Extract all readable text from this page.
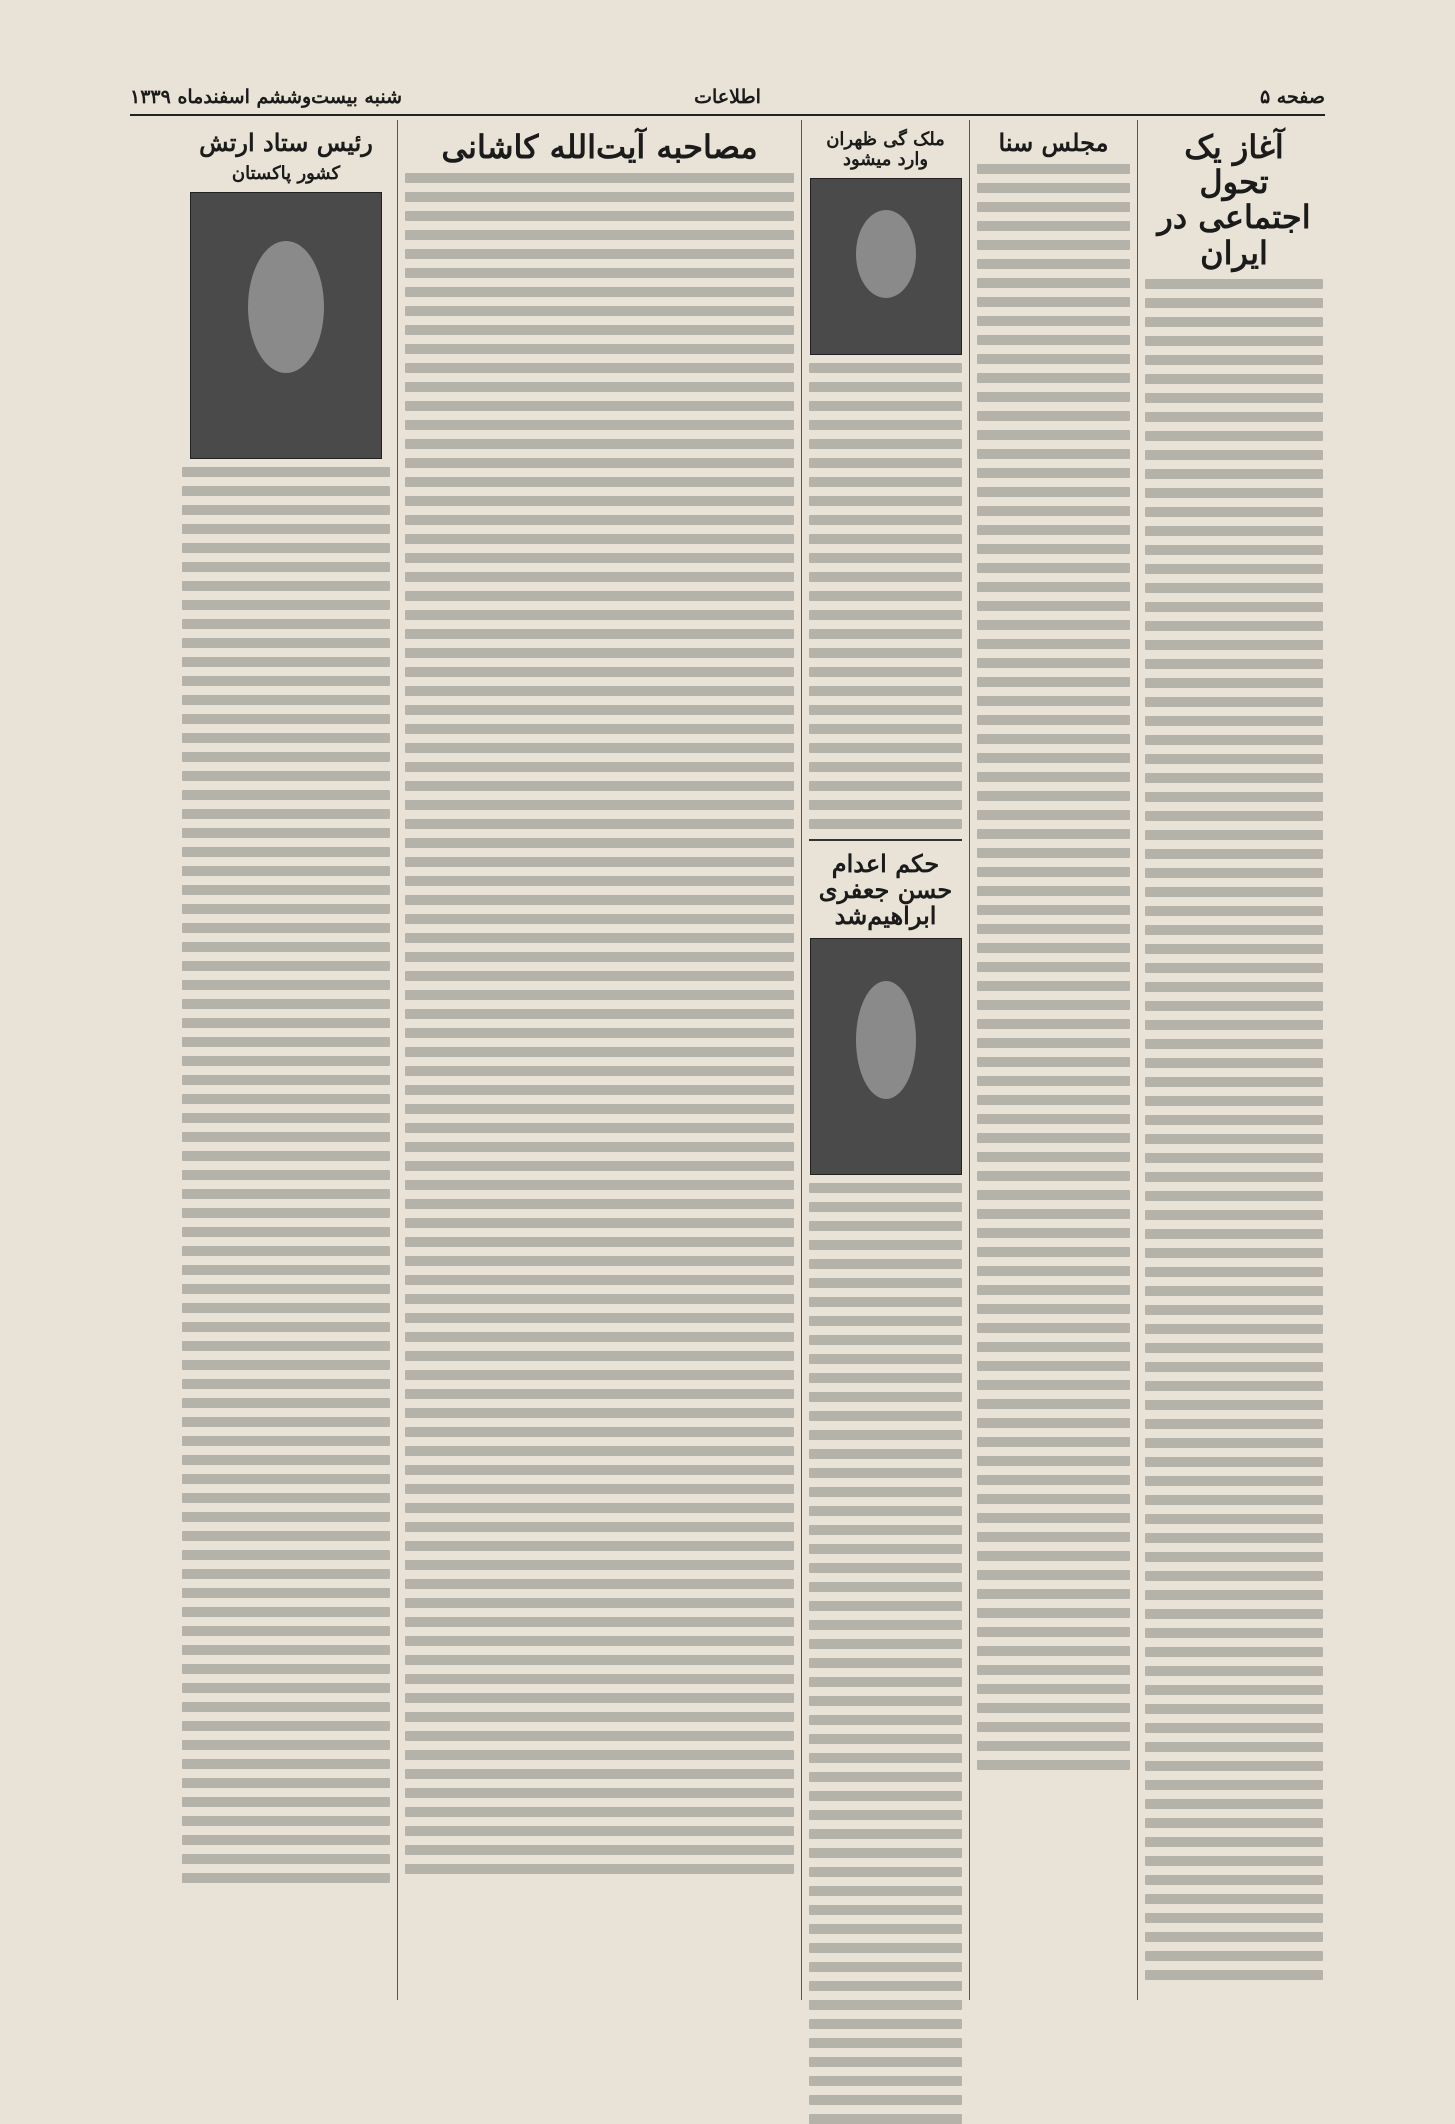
صفحه ۵
اطلاعات
شنبه بیست‌وششم اسفندماه ۱۳۳۹
آغاز یک تحول اجتماعی در ایران
مجلس سنا
ملک گی ظهران وارد میشود
حکم اعدام حسن جعفری ابراهیم‌شد
مصاحبه آیت‌الله کاشانی
رئیس ستاد ارتش
کشور پاکستان
